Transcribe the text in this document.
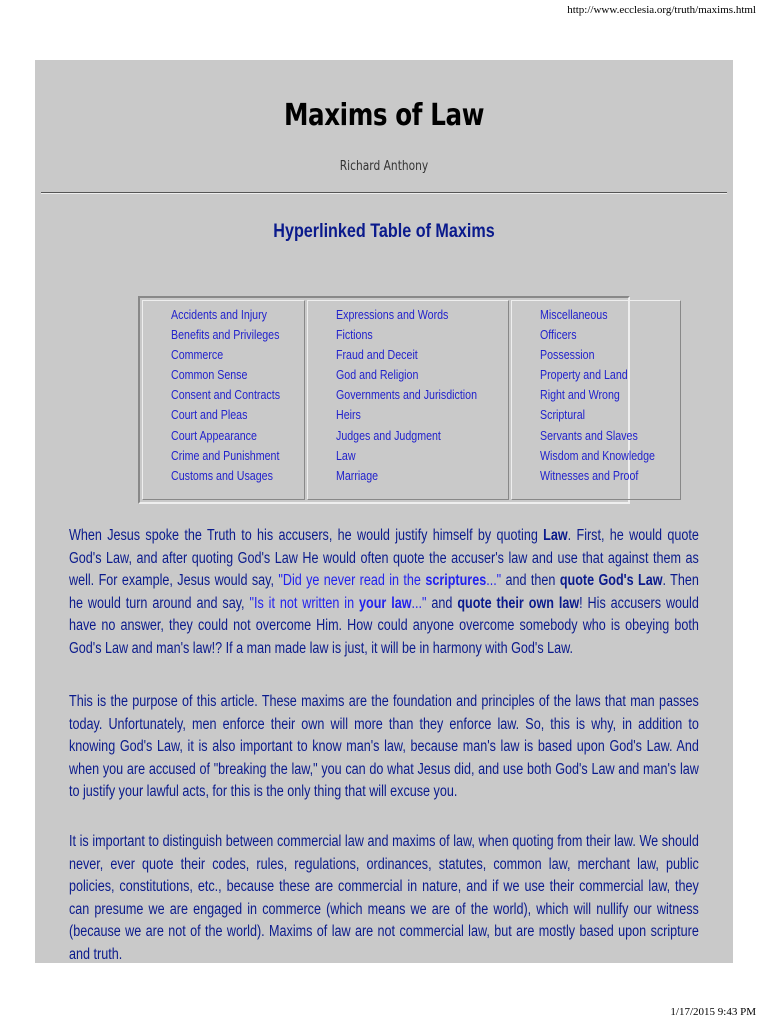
http://www.ecclesia.org/truth/maxims.html
Maxims of Law
Richard Anthony
Hyperlinked Table of Maxims
Accidents and Injury
Benefits and Privileges
Commerce
Common Sense
Consent and Contracts
Court and Pleas
Court Appearance
Crime and Punishment
Customs and Usages
Expressions and Words
Fictions
Fraud and Deceit
God and Religion
Governments and Jurisdiction
Heirs
Judges and Judgment
Law
Marriage
Miscellaneous
Officers
Possession
Property and Land
Right and Wrong
Scriptural
Servants and Slaves
Wisdom and Knowledge
Witnesses and Proof
When Jesus spoke the Truth to his accusers, he would justify himself by quoting Law. First, he would quote God's Law, and after quoting God's Law He would often quote the accuser's law and use that against them as well. For example, Jesus would say, "Did ye never read in the scriptures..." and then quote God's Law. Then he would turn around and say, "Is it not written in your law..." and quote their own law! His accusers would have no answer, they could not overcome Him. How could anyone overcome somebody who is obeying both God's Law and man's law!? If a man made law is just, it will be in harmony with God's Law.
This is the purpose of this article. These maxims are the foundation and principles of the laws that man passes today. Unfortunately, men enforce their own will more than they enforce law. So, this is why, in addition to knowing God's Law, it is also important to know man's law, because man's law is based upon God's Law. And when you are accused of "breaking the law," you can do what Jesus did, and use both God's Law and man's law to justify your lawful acts, for this is the only thing that will excuse you.
It is important to distinguish between commercial law and maxims of law, when quoting from their law. We should never, ever quote their codes, rules, regulations, ordinances, statutes, common law, merchant law, public policies, constitutions, etc., because these are commercial in nature, and if we use their commercial law, they can presume we are engaged in commerce (which means we are of the world), which will nullify our witness (because we are not of the world). Maxims of law are not commercial law, but are mostly based upon scripture and truth.
1/17/2015 9:43 PM
